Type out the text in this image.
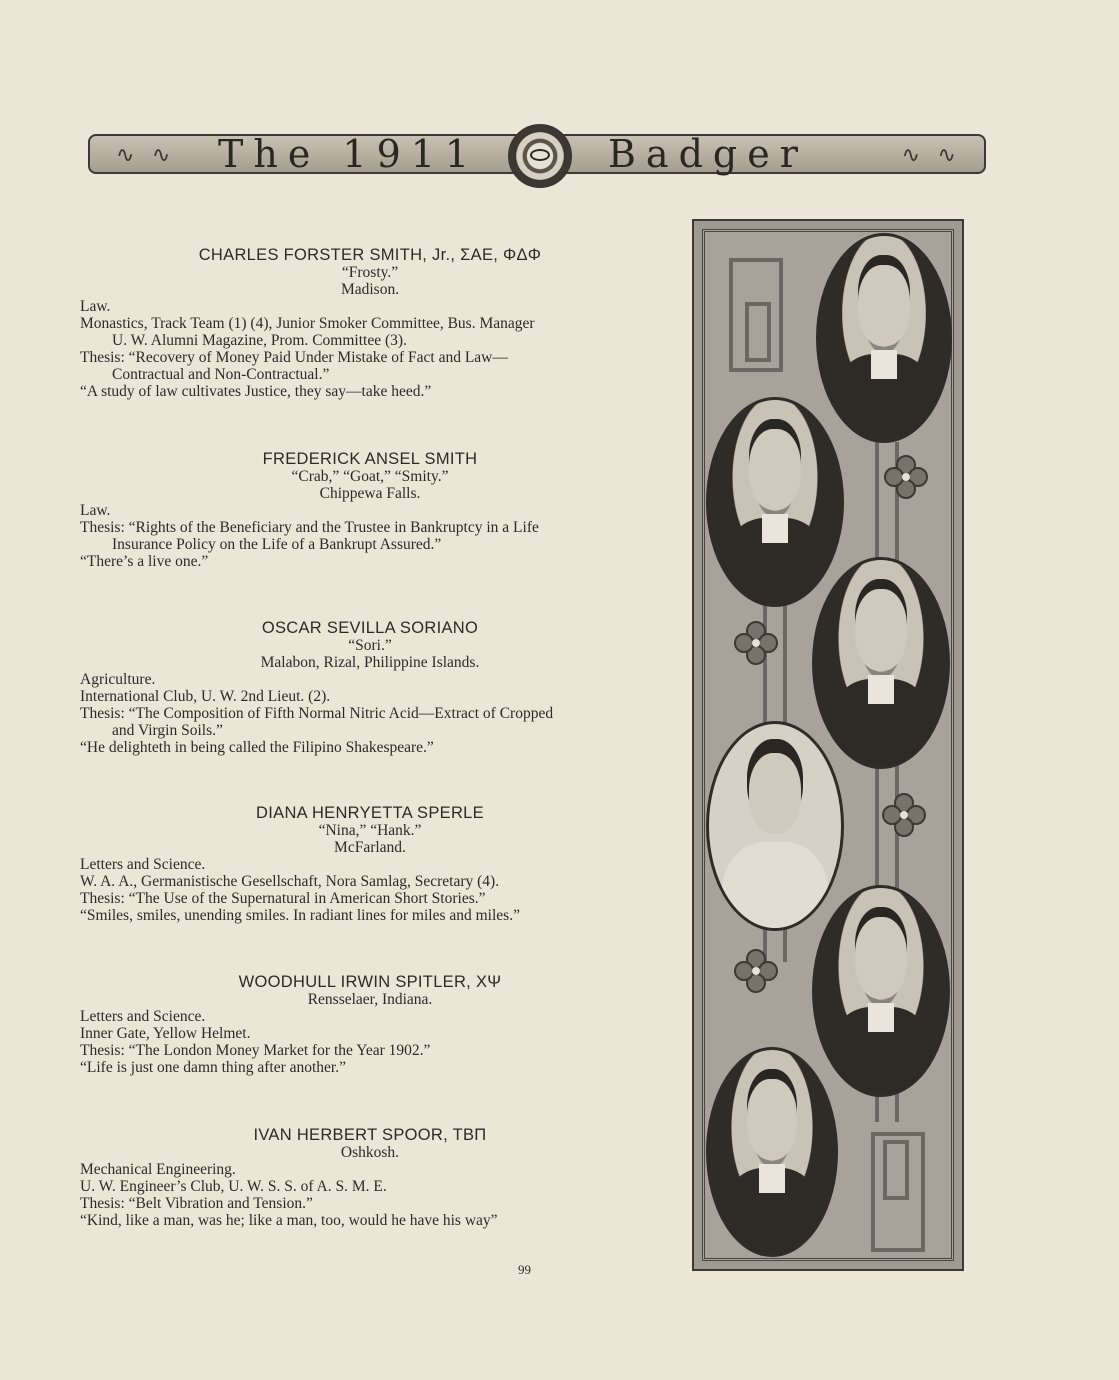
∿ ∿ The 1911	Badger	∿ ∿
CHARLES FORSTER SMITH, Jr., ΣAE, ΦΔΦ
“Frosty.”
Madison.
Law.
Monastics, Track Team (1) (4), Junior Smoker Committee, Bus. Manager
U. W. Alumni Magazine, Prom. Committee (3).
Thesis: “Recovery of Money Paid Under Mistake of Fact and Law—
Contractual and Non-Contractual.”
“A study of law cultivates Justice, they say—take heed.”
FREDERICK ANSEL SMITH
“Crab,” “Goat,” “Smity.”
Chippewa Falls.
Law.
Thesis: “Rights of the Beneficiary and the Trustee in Bankruptcy in a Life
Insurance Policy on the Life of a Bankrupt Assured.”
“There’s a live one.”
OSCAR SEVILLA SORIANO
“Sori.”
Malabon, Rizal, Philippine Islands.
Agriculture.
International Club, U. W. 2nd Lieut. (2).
Thesis: “The Composition of Fifth Normal Nitric Acid—Extract of Cropped
and Virgin Soils.”
“He delighteth in being called the Filipino Shakespeare.”
DIANA HENRYETTA SPERLE
“Nina,” “Hank.”
McFarland.
Letters and Science.
W. A. A., Germanistische Gesellschaft, Nora Samlag, Secretary (4).
Thesis: “The Use of the Supernatural in American Short Stories.”
“Smiles, smiles, unending smiles. In radiant lines for miles and miles.”
WOODHULL IRWIN SPITLER, XΨ
Rensselaer, Indiana.
Letters and Science.
Inner Gate, Yellow Helmet.
Thesis: “The London Money Market for the Year 1902.”
“Life is just one damn thing after another.”
IVAN HERBERT SPOOR, TBΠ
Oshkosh.
Mechanical Engineering.
U. W. Engineer’s Club, U. W. S. S. of A. S. M. E.
Thesis: “Belt Vibration and Tension.”
“Kind, like a man, was he; like a man, too, would he have his way”
99
